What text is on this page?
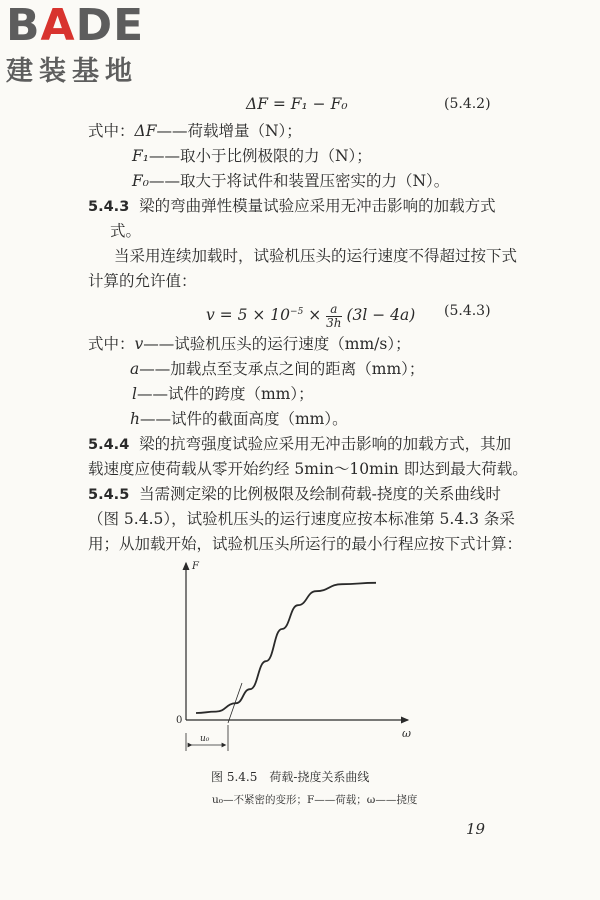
BADE
建装基地
ΔF = F₁ − F₀	(5.4.2)
式中：ΔF——荷载增量（N）；
F₁——取小于比例极限的力（N）；
F₀——取大于将试件和装置压密实的力（N）。
5.4.3 梁的弯曲弹性模量试验应采用无冲击影响的加载方式
式。
当采用连续加载时，试验机压头的运行速度不得超过按下式
计算的允许值：
$v = 5 \times 10^{-5} \times \frac{a}{3h} (3l - 4a)$ (5.4.3)
式中：v——试验机压头的运行速度（mm/s）；
a——加载点至支承点之间的距离（mm）；
l——试件的跨度（mm）；
h——试件的截面高度（mm）。
5.4.4 梁的抗弯强度试验应采用无冲击影响的加载方式，其加
载速度应使荷载从零开始约经 5min～10min 即达到最大荷载。
5.4.5 当需测定梁的比例极限及绘制荷载-挠度的关系曲线时
（图 5.4.5），试验机压头的运行速度应按本标准第 5.4.3 条采
用；从加载开始，试验机压头所运行的最小行程应按下式计算：
F
ω
0
u₀
图 5.4.5　荷载-挠度关系曲线
u₀—不紧密的变形；F——荷载；ω——挠度
19
